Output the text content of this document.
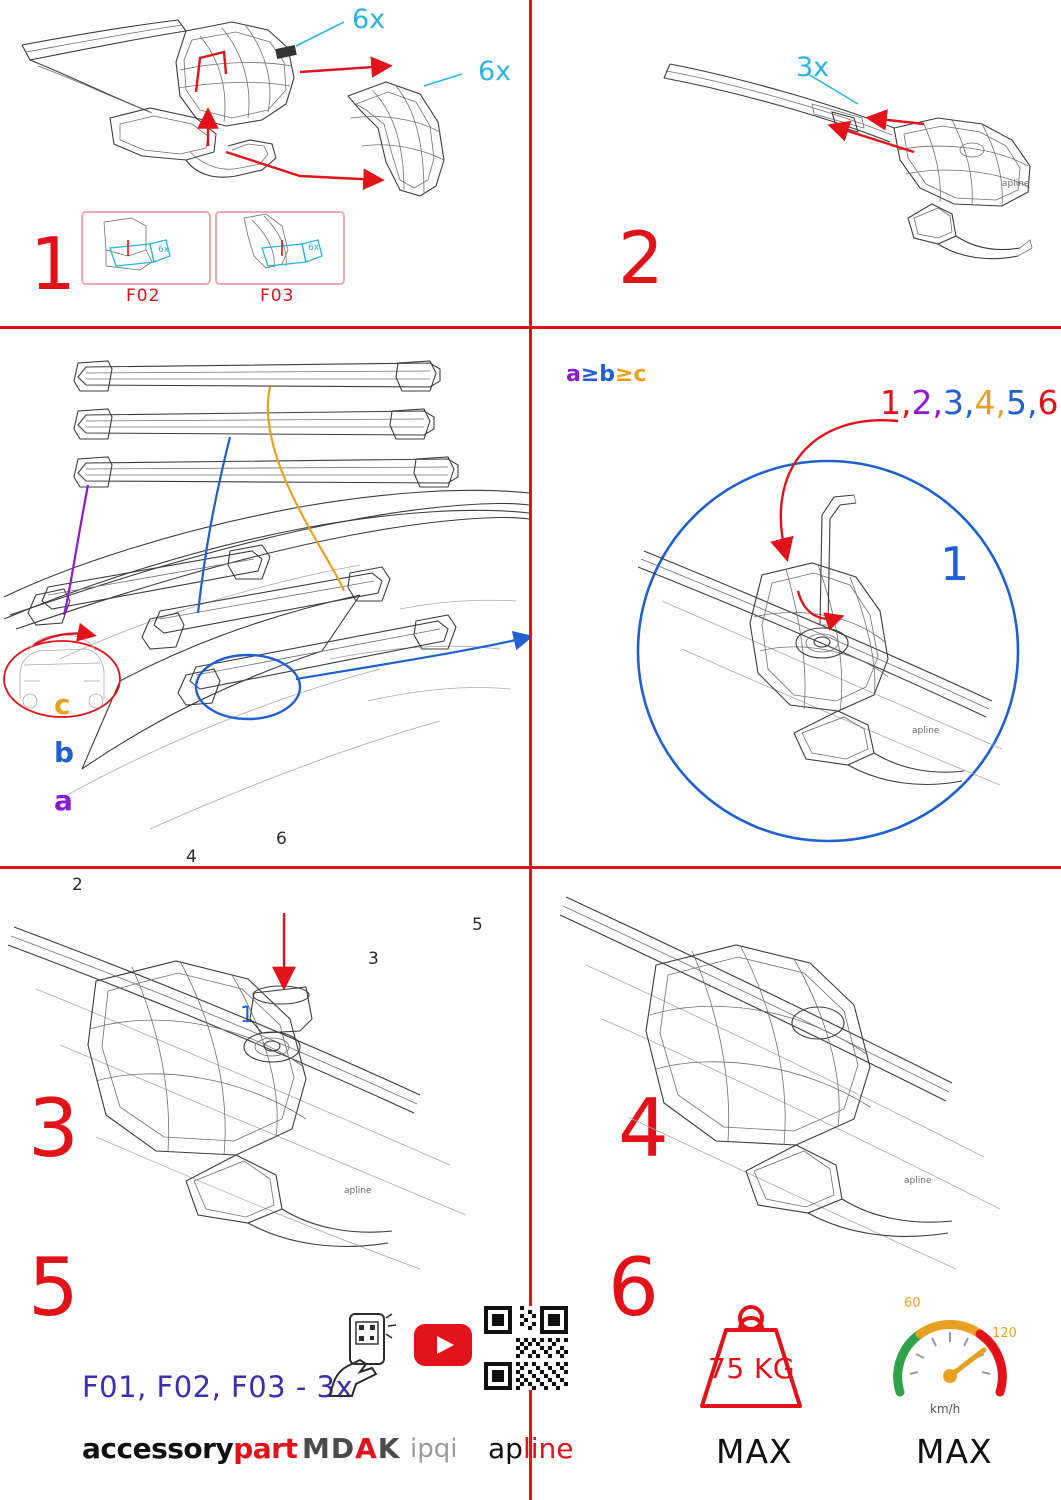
6x	6x
1
6x
6x
F02	F03
apline
2
3x
a
b
c
2
4
6
5
3
1
3
a≥b≥c
apline
1,2,3,4,5,6
1
4
apline
apline
5
F01, F02, F03 - 3x
accessorypart MDAK ipqi apline
6
75 KG
MAX
60
120
km/h
MAX
